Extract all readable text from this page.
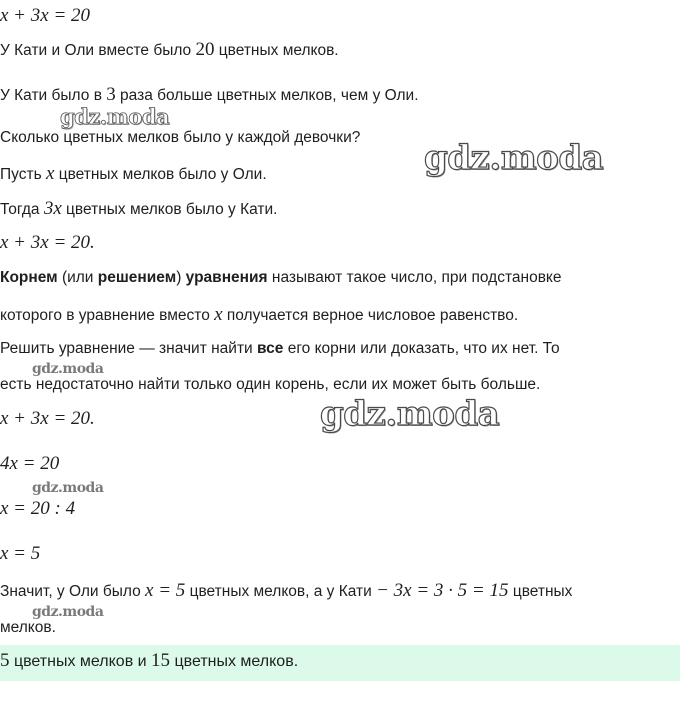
x + 3x = 20
У Кати и Оли вместе было 20 цветных мелков.
У Кати было в 3 раза больше цветных мелков, чем у Оли.
Сколько цветных мелков было у каждой девочки?
Пусть x цветных мелков было у Оли.
Тогда 3x цветных мелков было у Кати.
x + 3x = 20.
Корнем (или решением) уравнения называют такое число, при подстановке
которого в уравнение вместо x получается верное числовое равенство.
Решить уравнение — значит найти все его корни или доказать, что их нет. То
есть недостаточно найти только один корень, если их может быть больше.
x + 3x = 20.
4x = 20
x = 20 : 4
x = 5
Значит, у Оли было x = 5 цветных мелков, а у Кати − 3x = 3 · 5 = 15 цветных
мелков.
5 цветных мелков и 15 цветных мелков.
gdz.moda
gdz.moda
gdz.moda
gdz.moda
gdz.moda
gdz.moda
